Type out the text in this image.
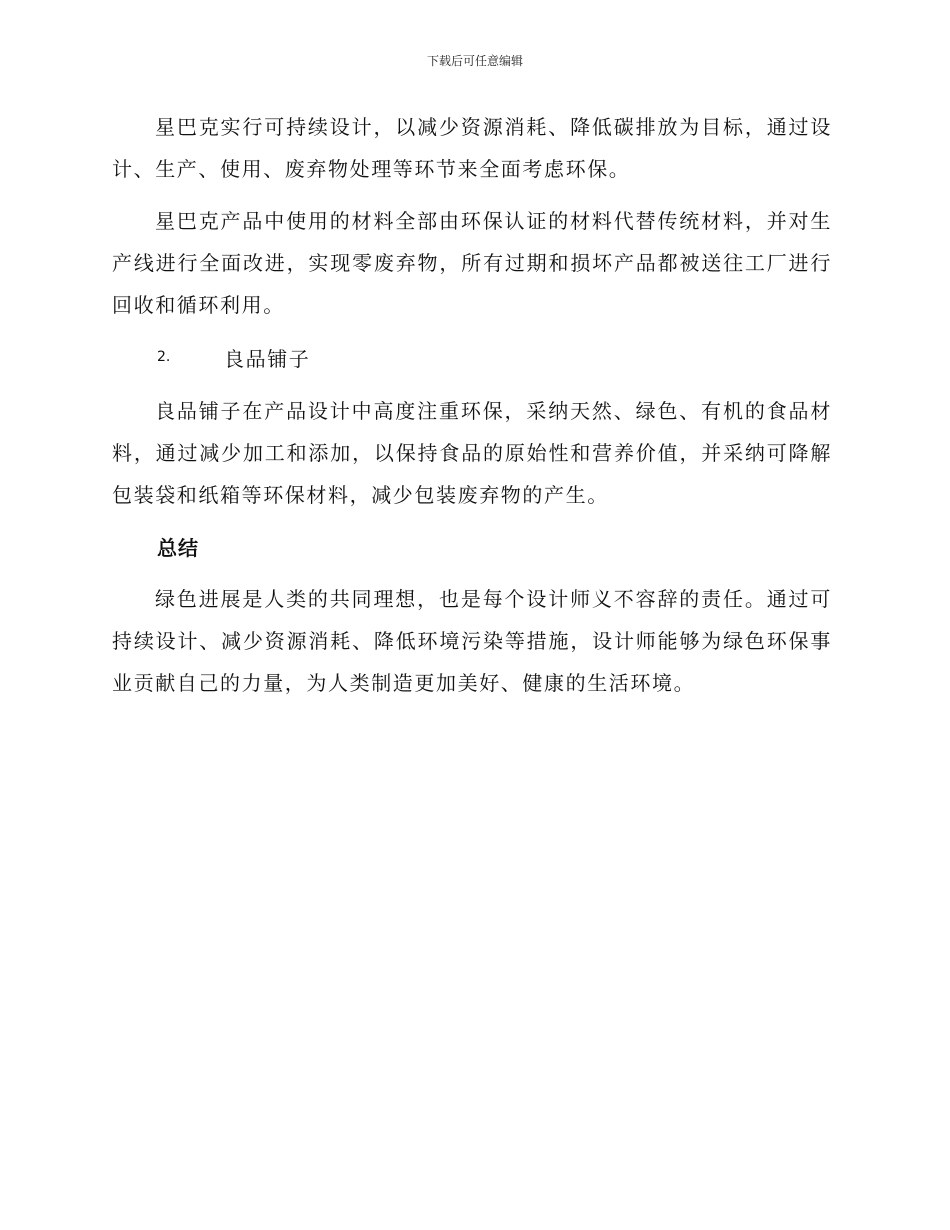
下载后可任意编辑

星巴克实行可持续设计，以减少资源消耗、降低碳排放为目标，通过设计、生产、使用、废弃物处理等环节来全面考虑环保。

星巴克产品中使用的材料全部由环保认证的材料代替传统材料，并对生产线进行全面改进，实现零废弃物，所有过期和损坏产品都被送往工厂进行回收和循环利用。

2.	良品铺子

良品铺子在产品设计中高度注重环保，采纳天然、绿色、有机的食品材料，通过减少加工和添加，以保持食品的原始性和营养价值，并采纳可降解包装袋和纸箱等环保材料，减少包装废弃物的产生。

总结

绿色进展是人类的共同理想，也是每个设计师义不容辞的责任。通过可持续设计、减少资源消耗、降低环境污染等措施，设计师能够为绿色环保事业贡献自己的力量，为人类制造更加美好、健康的生活环境。
